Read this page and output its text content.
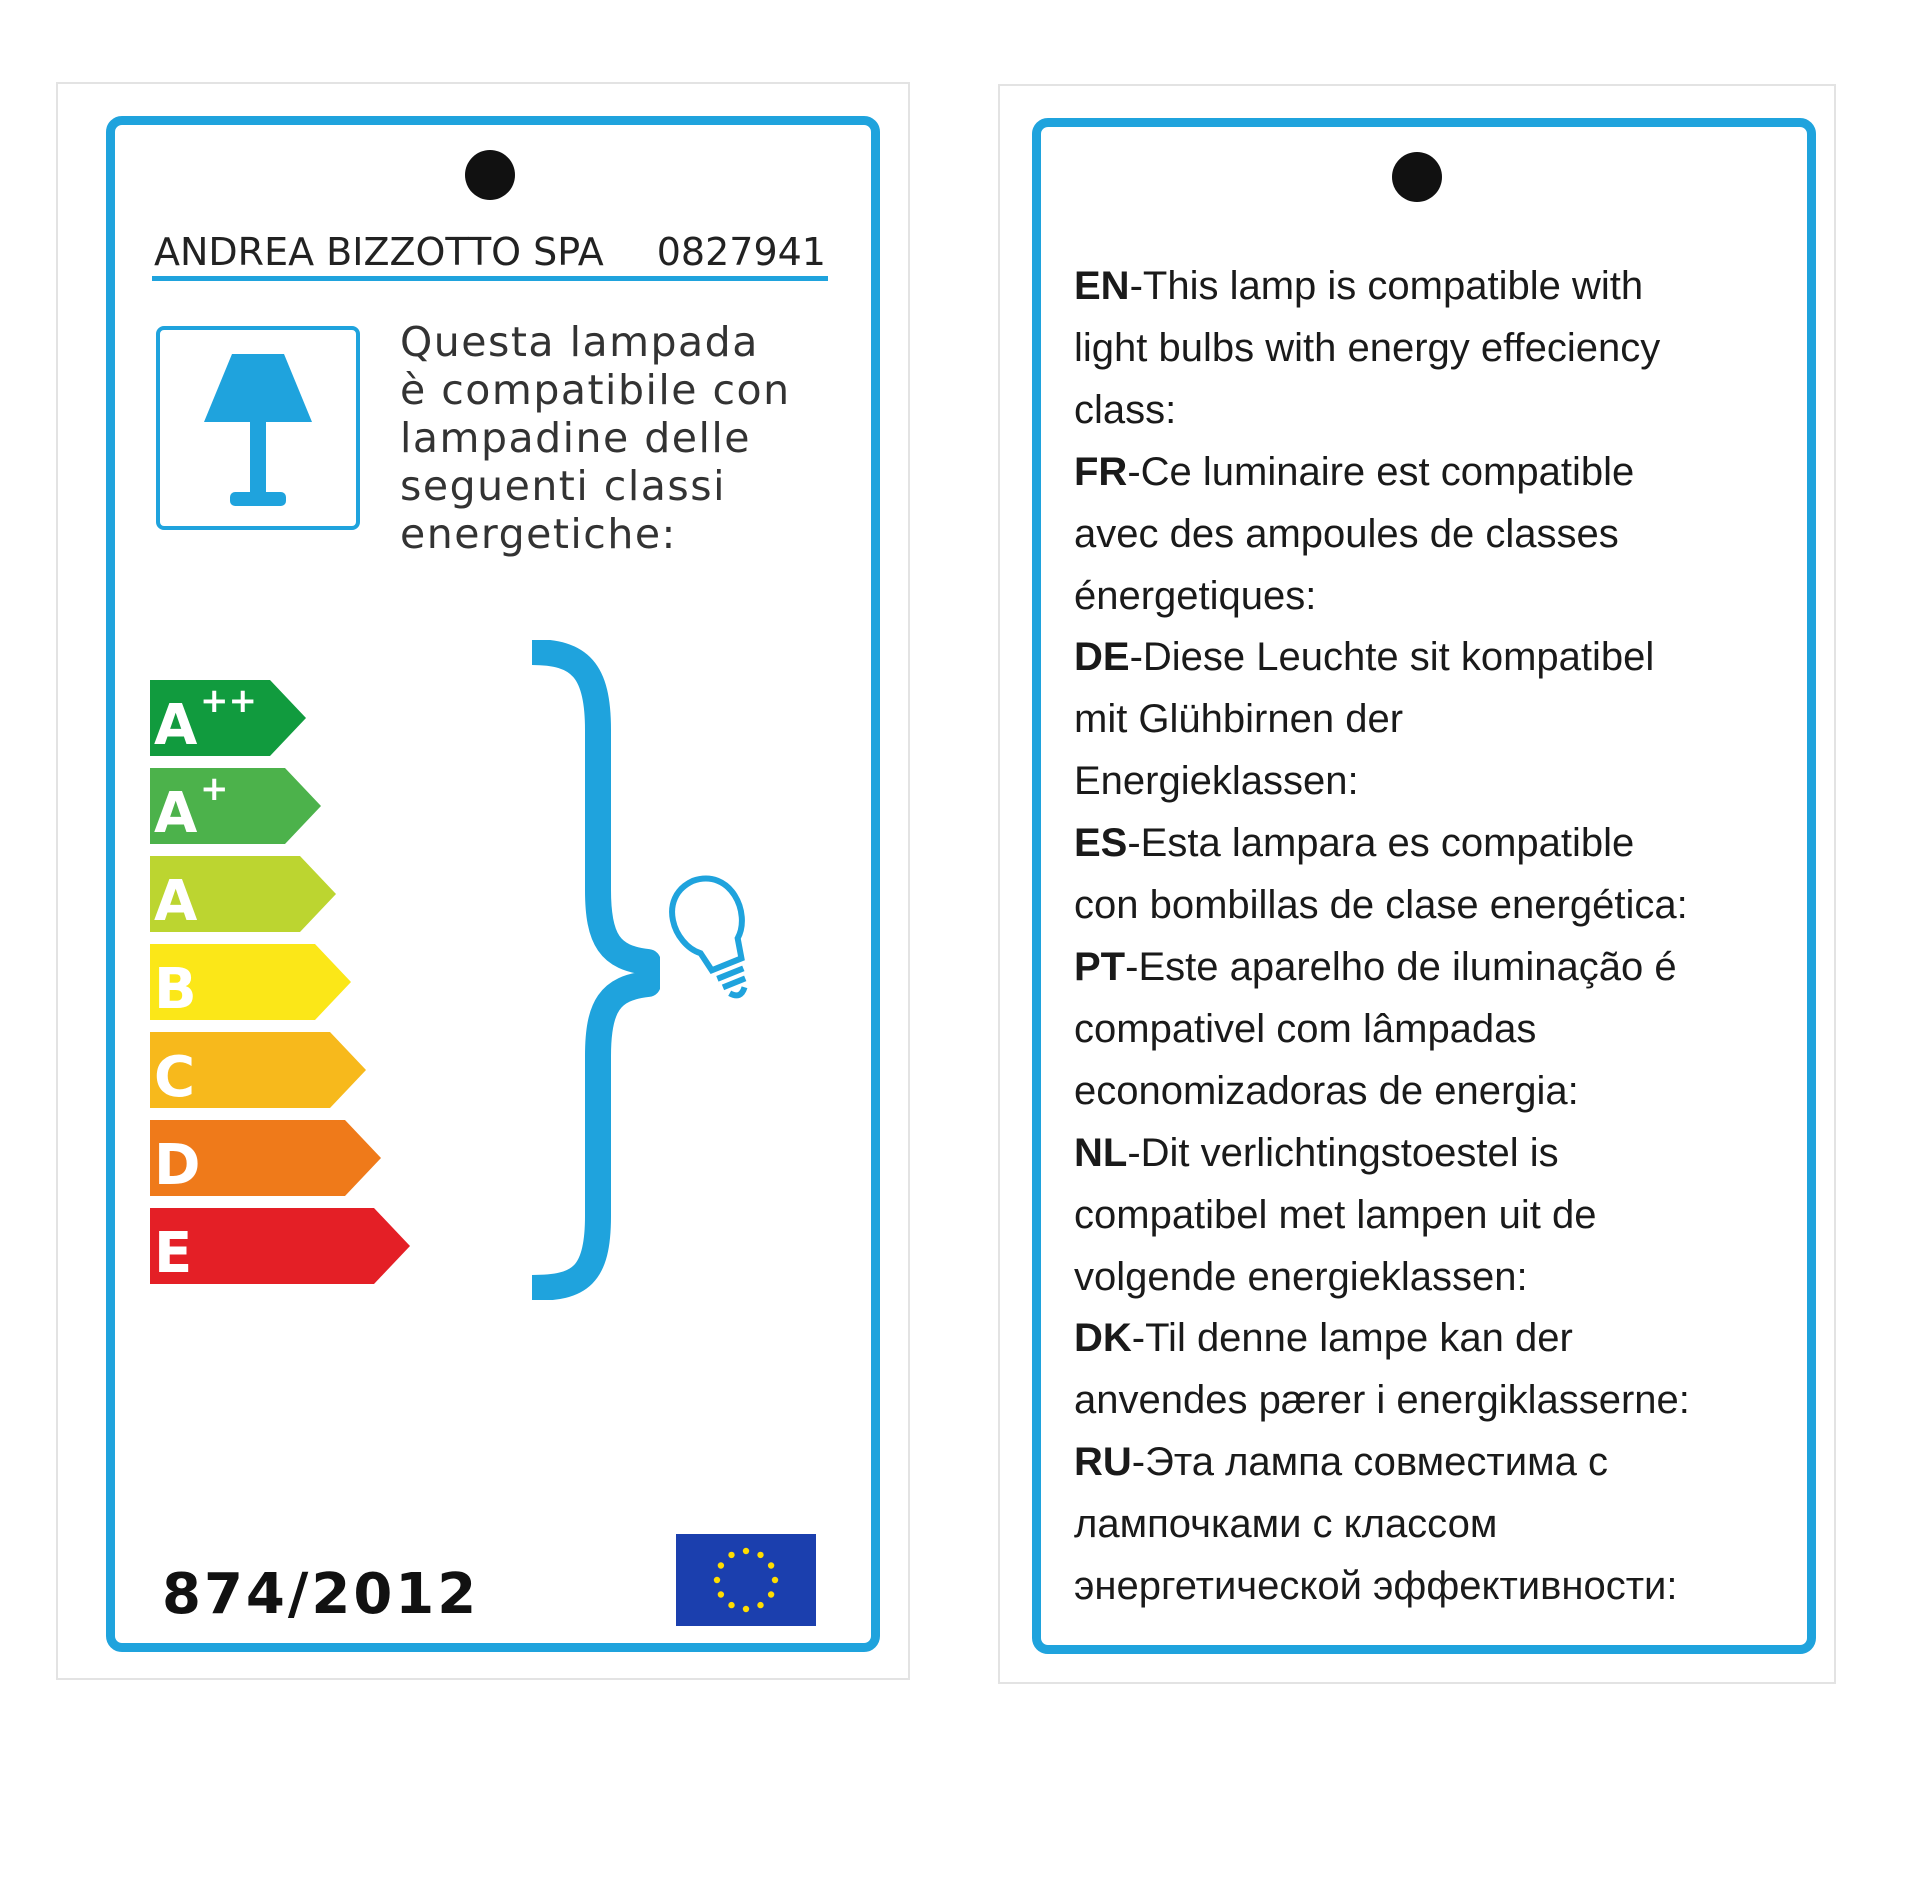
ANDREA BIZZOTTO SPA 0827941
Questa lampada
è compatibile con
lampadine delle
seguenti classi
energetiche:
A ++
A +
A
B
C
D
E
874/2012
EN-This lamp is compatible with
light bulbs with energy effeciency
class:
FR-Ce luminaire est compatible
avec des ampoules de classes
énergetiques:
DE-Diese Leuchte sit kompatibel
mit Glühbirnen der
Energieklassen:
ES-Esta lampara es compatible
con bombillas de clase energética:
PT-Este aparelho de iluminação é
compativel com lâmpadas
economizadoras de energia:
NL-Dit verlichtingstoestel is
compatibel met lampen uit de
volgende energieklassen:
DK-Til denne lampe kan der
anvendes pærer i energiklasserne:
RU-Эта лампа совместима с
лампочками с классом
энергетической эффективности:
